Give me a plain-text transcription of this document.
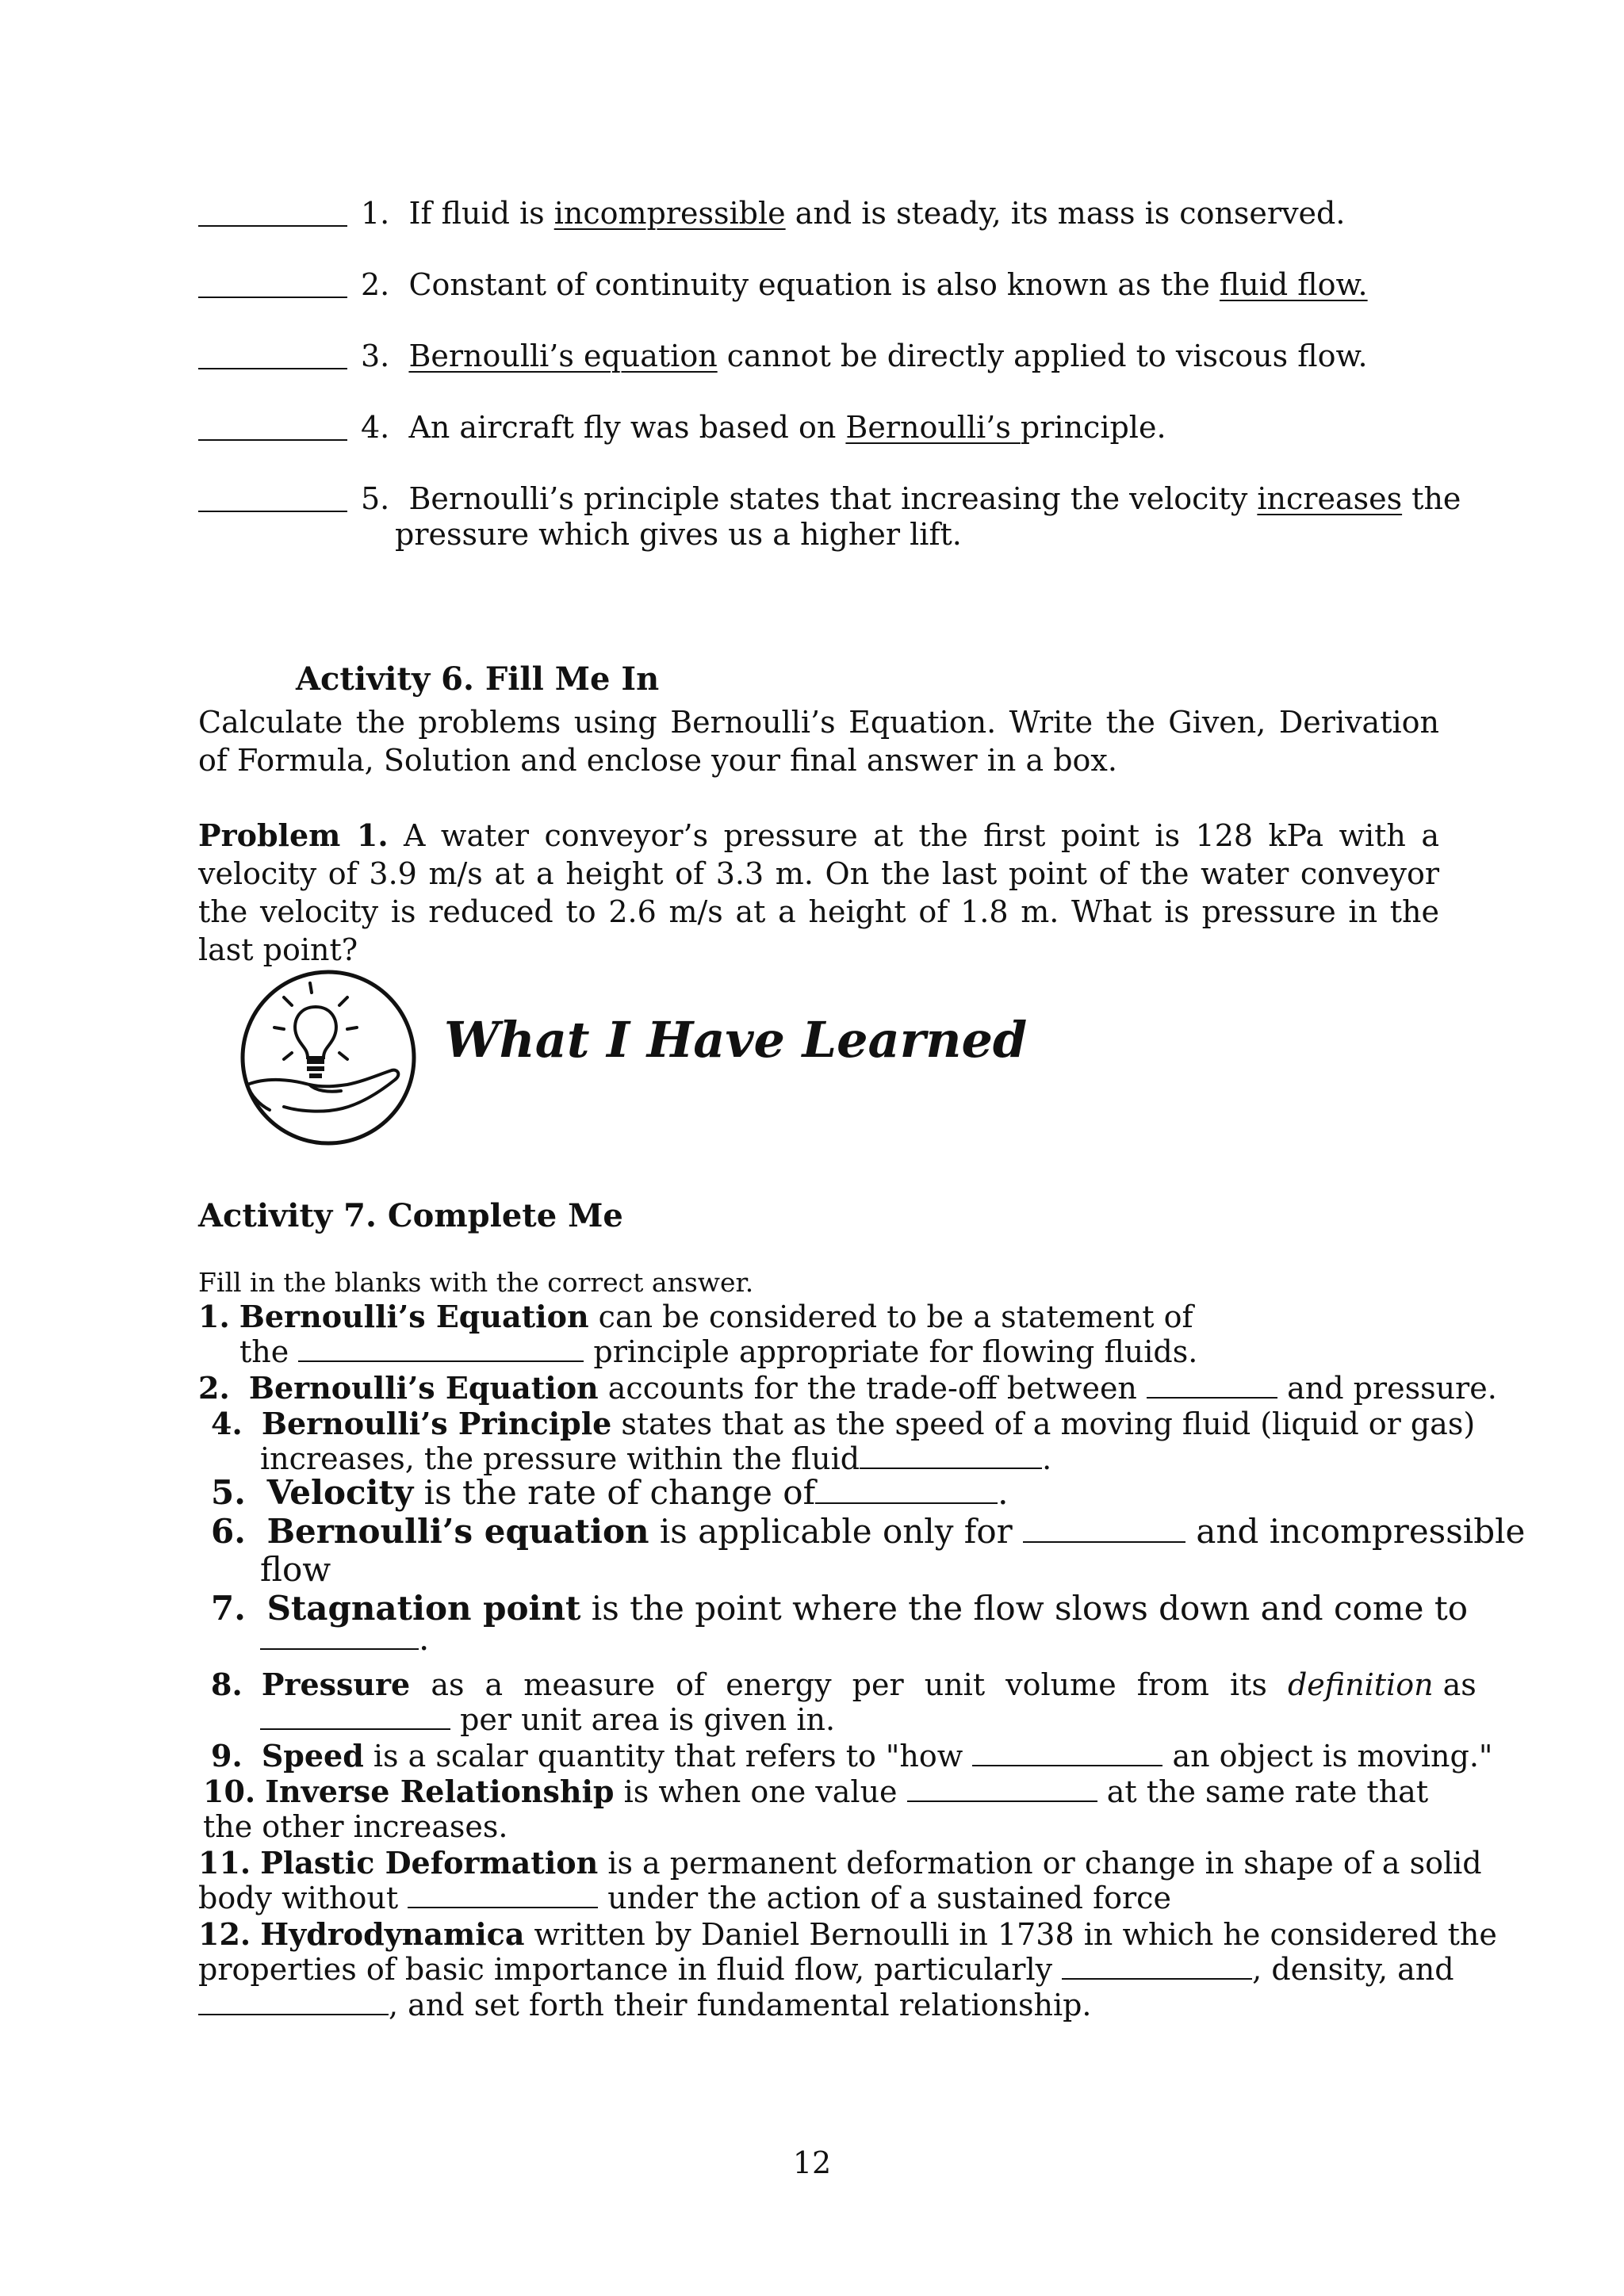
1. If fluid is incompressible and is steady, its mass is conserved.
2. Constant of continuity equation is also known as the fluid flow.
3. Bernoulli’s equation cannot be directly applied to viscous flow.
4. An aircraft fly was based on Bernoulli’s principle.
5. Bernoulli’s principle states that increasing the velocity increases the
pressure which gives us a higher lift.
Activity 6. Fill Me In
Calculate the problems using Bernoulli’s Equation. Write the Given, Derivation of Formula, Solution and enclose your final answer in a box.
Problem 1. A water conveyor’s pressure at the first point is 128 kPa with a velocity of 3.9 m/s at a height of 3.3 m. On the last point of the water conveyor the velocity is reduced to 2.6 m/s at a height of 1.8 m. What is pressure in the last point?
What I Have Learned
Activity 7. Complete Me
Fill in the blanks with the correct answer.
1. Bernoulli’s Equation can be considered to be a statement of
the	principle appropriate for flowing fluids.
2. Bernoulli’s Equation accounts for the trade-off between	and pressure.
4. Bernoulli’s Principle states that as the speed of a moving fluid (liquid or gas)
increases, the pressure within the fluid	.
5. Velocity is the rate of change of	.
6. Bernoulli’s equation is applicable only for	and incompressible
flow
7. Stagnation point is the point where the flow slows down and come to
.
8. Pressure as a measure of energy per unit volume from its definition as
per unit area is given in.
9. Speed is a scalar quantity that refers to "how	an object is moving."
10. Inverse Relationship is when one value	at the same rate that
the other increases.
11. Plastic Deformation is a permanent deformation or change in shape of a solid
body without	under the action of a sustained force
12. Hydrodynamica written by Daniel Bernoulli in 1738 in which he considered the
properties of basic importance in fluid flow, particularly	, density, and
, and set forth their fundamental relationship.
12
